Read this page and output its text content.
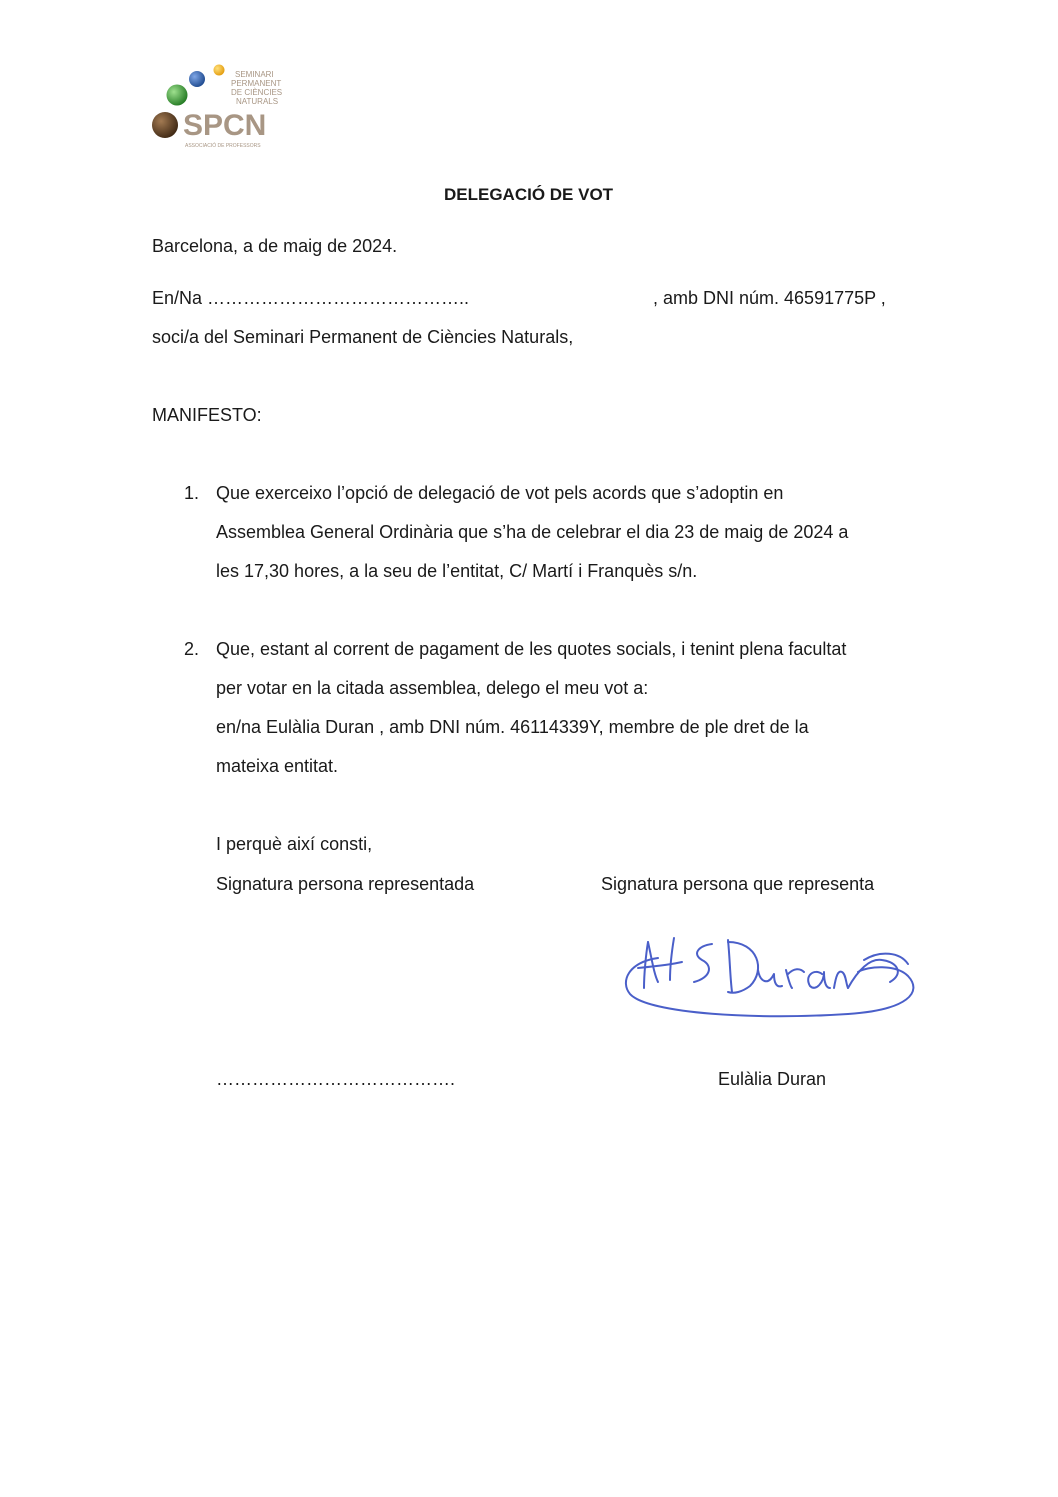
SEMINARI
PERMANENT
DE CIÈNCIES
NATURALS
SPCN
ASSOCIACIÓ DE PROFESSORS

DELEGACIÓ DE VOT

Barcelona, a de maig de 2024.

En/Na ……………………………………..	, amb DNI núm. 46591775P ,

soci/a del Seminari Permanent de Ciències Naturals,

MANIFESTO:

1. Que exerceixo l’opció de delegació de vot pels acords que s’adoptin en

Assemblea General Ordinària que s’ha de celebrar el dia 23 de maig de 2024 a

les 17,30 hores, a la seu de l’entitat, C/ Martí i Franquès s/n.

2. Que, estant al corrent de pagament de les quotes socials, i tenint plena facultat

per votar en la citada assemblea, delego el meu vot a:

en/na Eulàlia Duran , amb DNI núm. 46114339Y, membre de ple dret de la

mateixa entitat.

I perquè així consti,

Signatura persona representada	Signatura persona que representa

………………………………….	Eulàlia Duran
